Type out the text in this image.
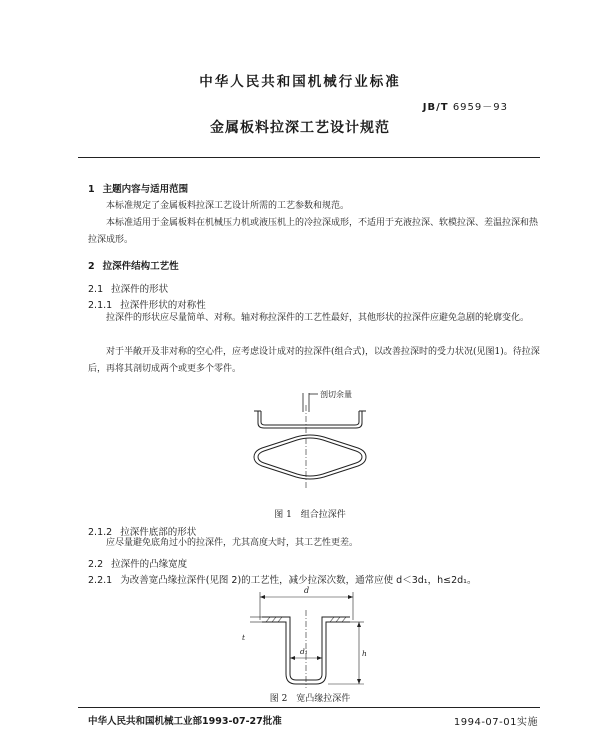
中华人民共和国机械行业标准
JB/T 6959－93
金属板料拉深工艺设计规范
1 主题内容与适用范围
本标准规定了金属板料拉深工艺设计所需的工艺参数和规范。
本标准适用于金属板料在机械压力机或液压机上的冷拉深成形，不适用于充液拉深、软模拉深、差温拉深和热拉深成形。
2 拉深件结构工艺性
2.1 拉深件的形状
2.1.1 拉深件形状的对称性
拉深件的形状应尽量简单、对称。轴对称拉深件的工艺性最好，其他形状的拉深件应避免急剧的轮廓变化。
对于半敞开及非对称的空心件，应考虑设计成对的拉深件(组合式)，以改善拉深时的受力状况(见图1)。待拉深后，再将其剖切成两个或更多个零件。
剖切余量
图 1　组合拉深件
2.1.2 拉深件底部的形状
应尽量避免底角过小的拉深件，尤其高度大时，其工艺性更差。
2.2 拉深件的凸缘宽度
2.2.1 为改善宽凸缘拉深件(见图 2)的工艺性，减少拉深次数，通常应使 d＜3d₁，h≤2d₁。
d
d₁	h
t
图 2　宽凸缘拉深件
中华人民共和国机械工业部1993-07-27批准	1994-07-01实施
